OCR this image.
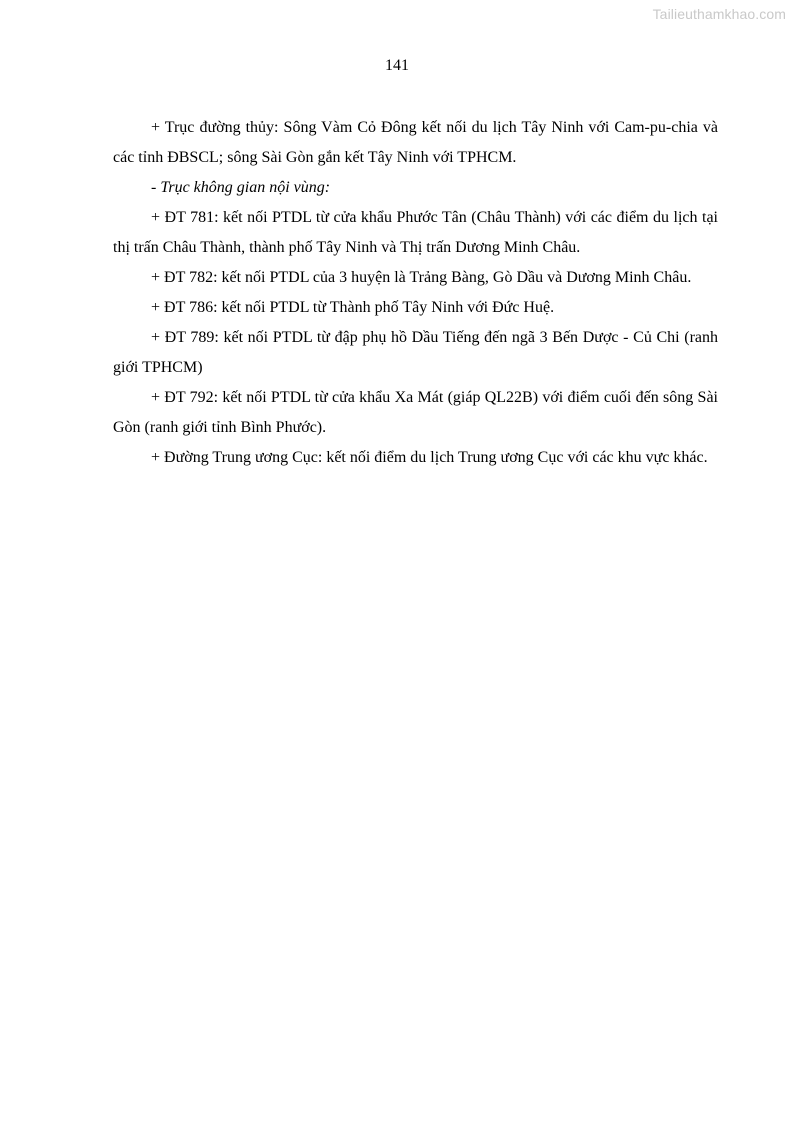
Tailieuthamkhao.com
141

+ Trục đường thủy: Sông Vàm Cỏ Đông kết nối du lịch Tây Ninh với Cam-pu-chia và các tỉnh ĐBSCL; sông Sài Gòn gắn kết Tây Ninh với TPHCM.

- Trục không gian nội vùng:

+ ĐT 781: kết nối PTDL từ cửa khẩu Phước Tân (Châu Thành) với các điểm du lịch tại thị trấn Châu Thành, thành phố Tây Ninh và Thị trấn Dương Minh Châu.

+ ĐT 782: kết nối PTDL của 3 huyện là Trảng Bàng, Gò Dầu và Dương Minh Châu.

+ ĐT 786: kết nối PTDL từ Thành phố Tây Ninh với Đức Huệ.

+ ĐT 789: kết nối PTDL từ đập phụ hồ Dầu Tiếng đến ngã 3 Bến Dược - Củ Chi (ranh giới TPHCM)

+ ĐT 792: kết nối PTDL từ cửa khẩu Xa Mát (giáp QL22B) với điểm cuối đến sông Sài Gòn (ranh giới tỉnh Bình Phước).

+ Đường Trung ương Cục: kết nối điểm du lịch Trung ương Cục với các khu vực khác.
